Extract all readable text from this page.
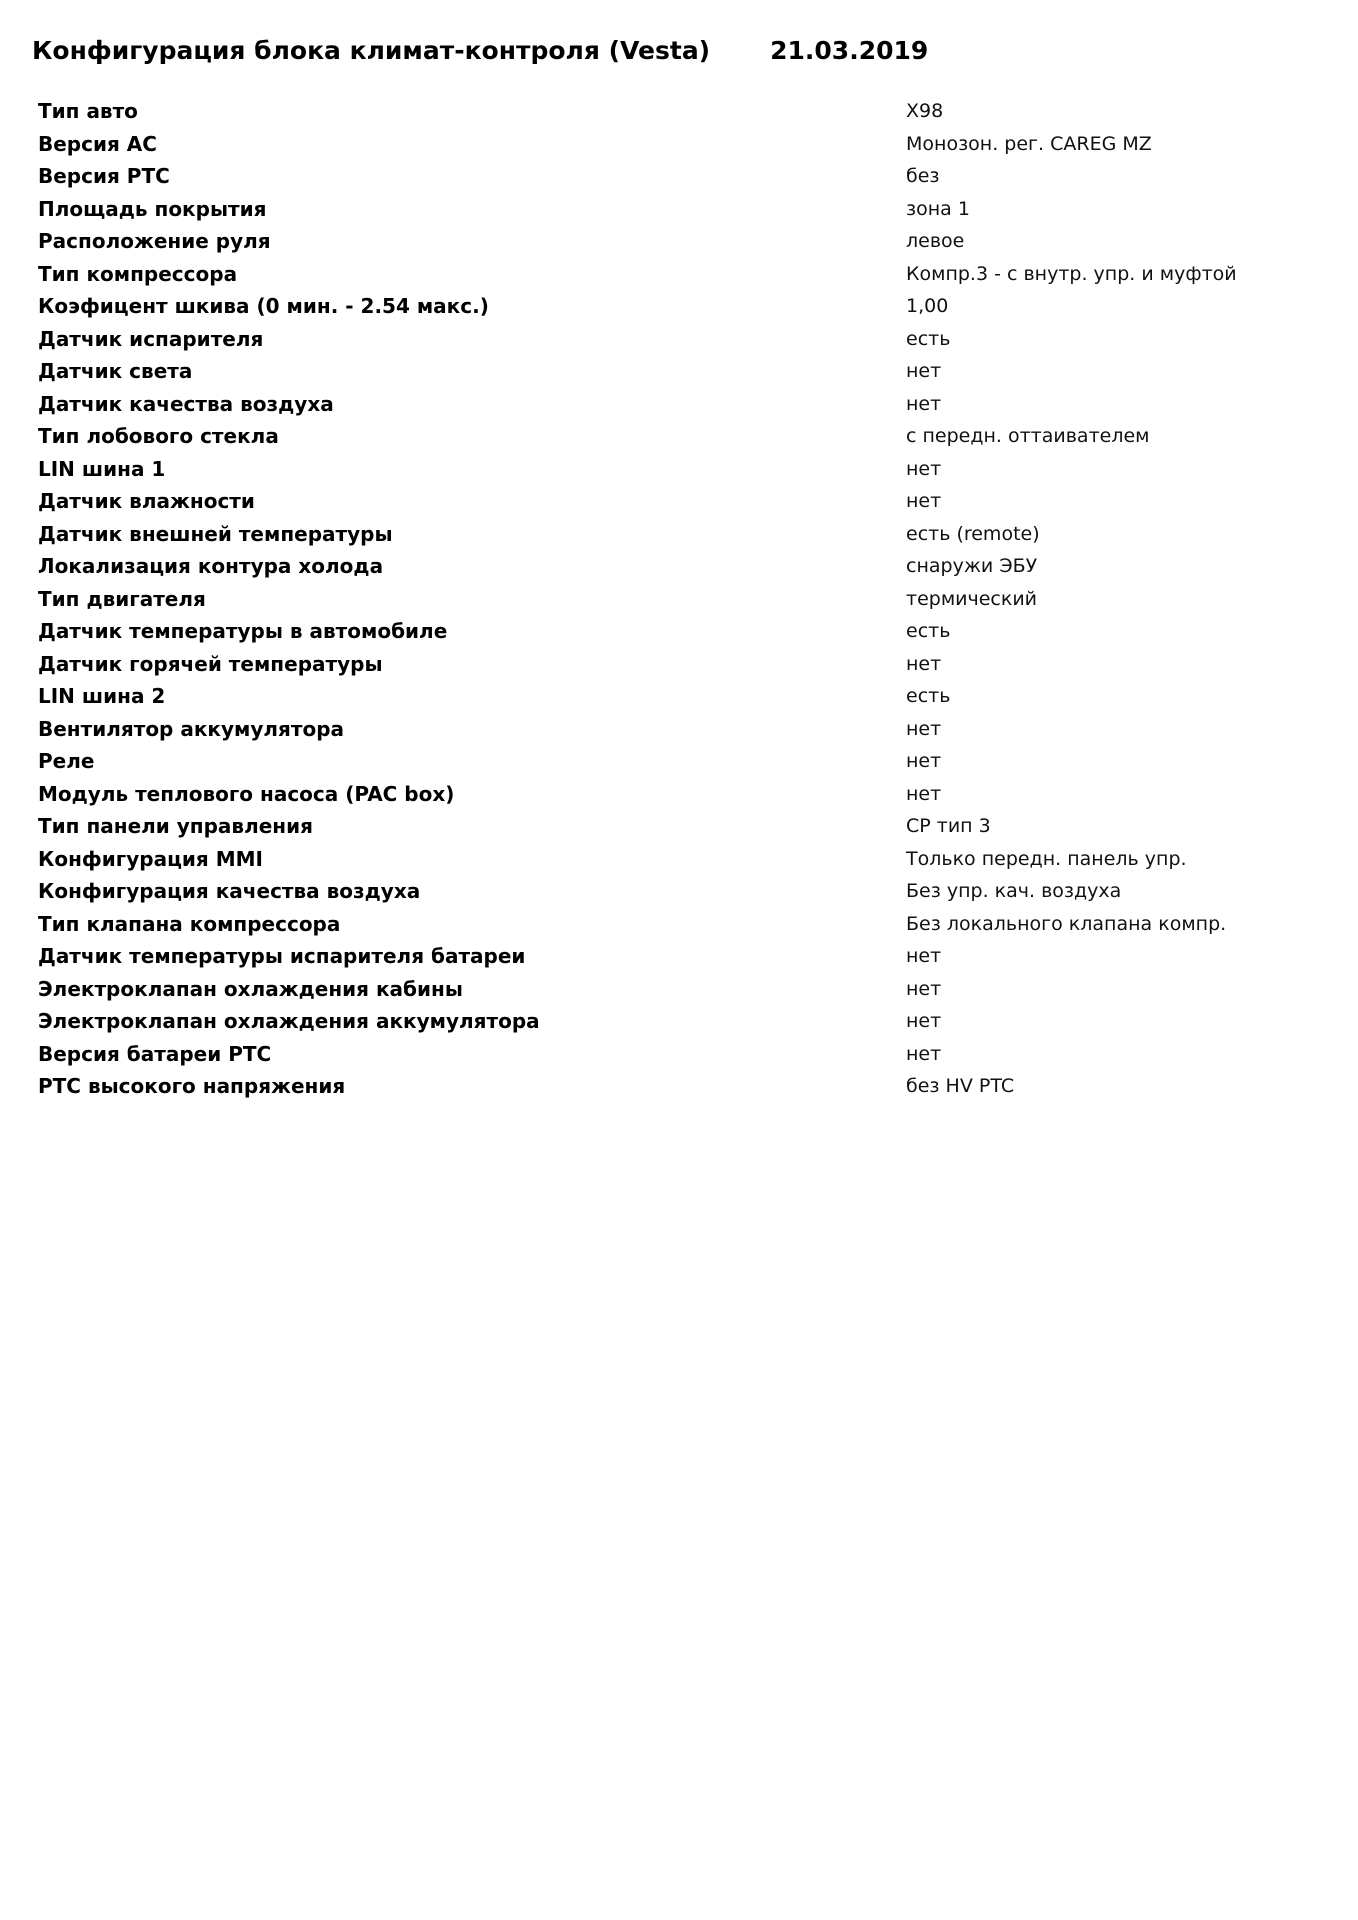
Конфигурация блока климат-контроля (Vesta) 21.03.2019
Тип авто	X98
Версия АС	Монозон. рег. CAREG MZ
Версия РТС	без
Площадь покрытия	зона 1
Расположение руля	левое
Тип компрессора	Компр.3 - с внутр. упр. и муфтой
Коэфицент шкива (0 мин. - 2.54 макс.)	1,00
Датчик испарителя	есть
Датчик света	нет
Датчик качества воздуха	нет
Тип лобового стекла	с передн. оттаивателем
LIN шина 1	нет
Датчик влажности	нет
Датчик внешней температуры	есть (remote)
Локализация контура холода	снаружи ЭБУ
Тип двигателя	термический
Датчик температуры в автомобиле	есть
Датчик горячей температуры	нет
LIN шина 2	есть
Вентилятор аккумулятора	нет
Реле	нет
Модуль теплового насоса (PAC box)	нет
Тип панели управления	CP тип 3
Конфигурация MMI	Только передн. панель упр.
Конфигурация качества воздуха	Без упр. кач. воздуха
Тип клапана компрессора	Без локального клапана компр.
Датчик температуры испарителя батареи	нет
Электроклапан охлаждения кабины	нет
Электроклапан охлаждения аккумулятора	нет
Версия батареи РТС	нет
РТС высокого напряжения	без HV PTC
